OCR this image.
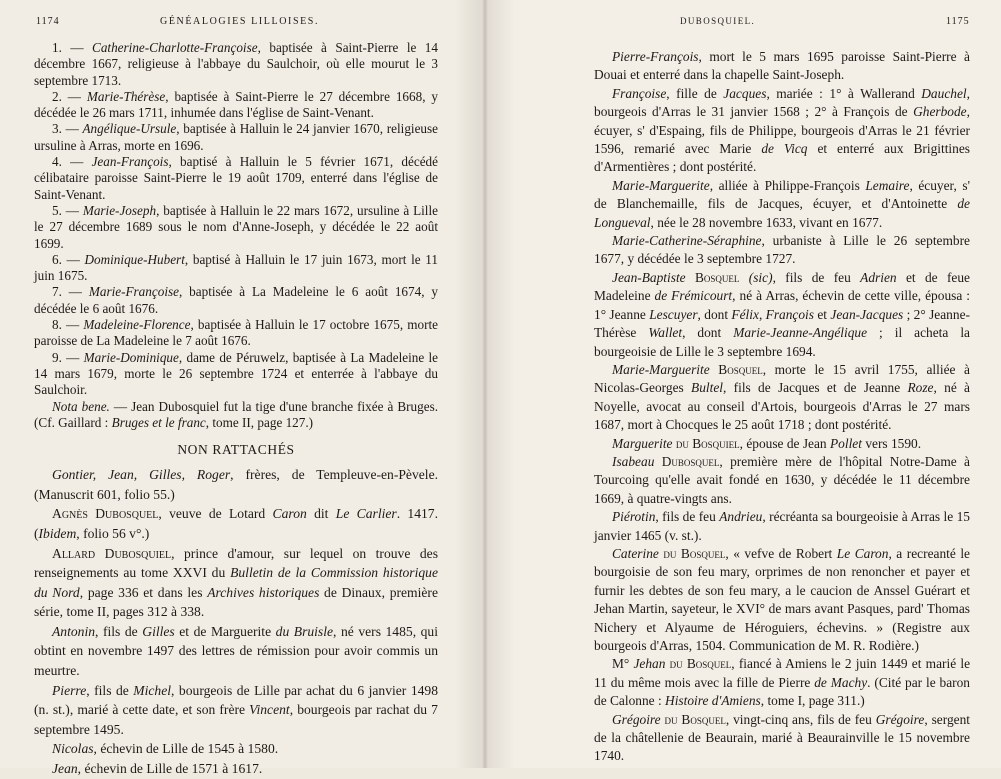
1174	GÉNÉALOGIES LILLOISES.

1. — Catherine-Charlotte-Françoise, baptisée à Saint-Pierre le 14 décembre 1667, religieuse à l'abbaye du Saulchoir, où elle mourut le 3 septembre 1713.

2. — Marie-Thérèse, baptisée à Saint-Pierre le 27 décembre 1668, y décédée le 26 mars 1711, inhumée dans l'église de Saint-Venant.

3. — Angélique-Ursule, baptisée à Halluin le 24 janvier 1670, religieuse ursuline à Arras, morte en 1696.

4. — Jean-François, baptisé à Halluin le 5 février 1671, décédé célibataire paroisse Saint-Pierre le 19 août 1709, enterré dans l'église de Saint-Venant.

5. — Marie-Joseph, baptisée à Halluin le 22 mars 1672, ursuline à Lille le 27 décembre 1689 sous le nom d'Anne-Joseph, y décédée le 22 août 1699.

6. — Dominique-Hubert, baptisé à Halluin le 17 juin 1673, mort le 11 juin 1675.

7. — Marie-Françoise, baptisée à La Madeleine le 6 août 1674, y décédée le 6 août 1676.

8. — Madeleine-Florence, baptisée à Halluin le 17 octobre 1675, morte paroisse de La Madeleine le 7 août 1676.

9. — Marie-Dominique, dame de Péruwelz, baptisée à La Madeleine le 14 mars 1679, morte le 26 septembre 1724 et enterrée à l'abbaye du Saulchoir.

Nota bene. — Jean Dubosquiel fut la tige d'une branche fixée à Bruges. (Cf. Gaillard : Bruges et le franc, tome II, page 127.)

NON RATTACHÉS

Gontier, Jean, Gilles, Roger, frères, de Templeuve-en-Pèvele. (Manuscrit 601, folio 55.)

Agnès Dubosquel, veuve de Lotard Caron dit Le Carlier. 1417. (Ibidem, folio 56 v°.)

Allard Dubosquiel, prince d'amour, sur lequel on trouve des renseignements au tome XXVI du Bulletin de la Commission historique du Nord, page 336 et dans les Archives historiques de Dinaux, première série, tome II, pages 312 à 338.

Antonin, fils de Gilles et de Marguerite du Bruisle, né vers 1485, qui obtint en novembre 1497 des lettres de rémission pour avoir commis un meurtre.

Pierre, fils de Michel, bourgeois de Lille par achat du 6 janvier 1498 (n. st.), marié à cette date, et son frère Vincent, bourgeois par rachat du 7 septembre 1495.

Nicolas, échevin de Lille de 1545 à 1580.

Jean, échevin de Lille de 1571 à 1617.

DUBOSQUIEL.	1175

Pierre-François, mort le 5 mars 1695 paroisse Saint-Pierre à Douai et enterré dans la chapelle Saint-Joseph.

Françoise, fille de Jacques, mariée : 1° à Wallerand Dauchel, bourgeois d'Arras le 31 janvier 1568 ; 2° à François de Gherbode, écuyer, s' d'Espaing, fils de Philippe, bourgeois d'Arras le 21 février 1596, remarié avec Marie de Vicq et enterré aux Brigittines d'Armentières ; dont postérité.

Marie-Marguerite, alliée à Philippe-François Lemaire, écuyer, s' de Blanchemaille, fils de Jacques, écuyer, et d'Antoinette de Longueval, née le 28 novembre 1633, vivant en 1677.

Marie-Catherine-Séraphine, urbaniste à Lille le 26 septembre 1677, y décédée le 3 septembre 1727.

Jean-Baptiste Bosquel (sic), fils de feu Adrien et de feue Madeleine de Frémicourt, né à Arras, échevin de cette ville, épousa : 1° Jeanne Lescuyer, dont Félix, François et Jean-Jacques ; 2° Jeanne-Thérèse Wallet, dont Marie-Jeanne-Angélique ; il acheta la bourgeoisie de Lille le 3 septembre 1694.

Marie-Marguerite Bosquel, morte le 15 avril 1755, alliée à Nicolas-Georges Bultel, fils de Jacques et de Jeanne Roze, né à Noyelle, avocat au conseil d'Artois, bourgeois d'Arras le 27 mars 1687, mort à Chocques le 25 août 1718 ; dont postérité.

Marguerite du Bosquiel, épouse de Jean Pollet vers 1590.

Isabeau Dubosquel, première mère de l'hôpital Notre-Dame à Tourcoing qu'elle avait fondé en 1630, y décédée le 11 décembre 1669, à quatre-vingts ans.

Piérotin, fils de feu Andrieu, récréanta sa bourgeoisie à Arras le 15 janvier 1465 (v. st.).

Caterine du Bosquel, « vefve de Robert Le Caron, a recreanté le bourgoisie de son feu mary, orprimes de non renoncher et payer et furnir les debtes de son feu mary, a le caucion de Anssel Guérart et Jehan Martin, sayeteur, le XVI° de mars avant Pasques, pard' Thomas Nichery et Alyaume de Héroguiers, échevins. » (Registre aux bourgeois d'Arras, 1504. Communication de M. R. Rodière.)

M° Jehan du Bosquel, fiancé à Amiens le 2 juin 1449 et marié le 11 du même mois avec la fille de Pierre de Machy. (Cité par le baron de Calonne : Histoire d'Amiens, tome I, page 311.)

Grégoire du Bosquel, vingt-cinq ans, fils de feu Grégoire, sergent de la châtellenie de Beaurain, marié à Beaurainville le 15 novembre 1740.
